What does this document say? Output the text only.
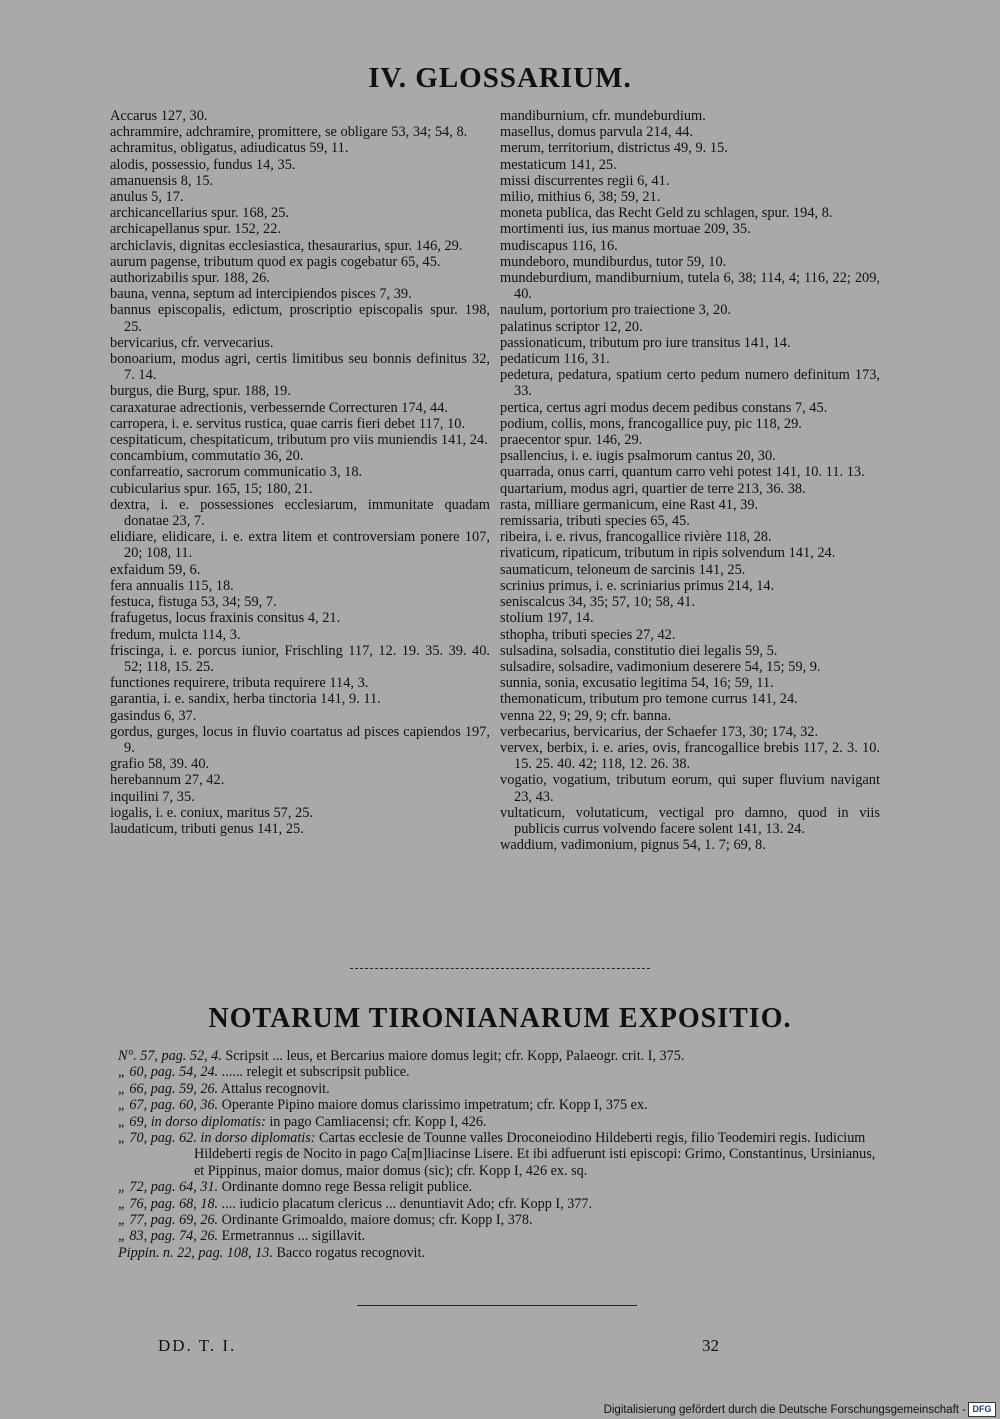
IV. GLOSSARIUM.

Accarus 127, 30.

achrammire, adchramire, promittere, se obligare 53, 34; 54, 8.

achramitus, obligatus, adiudicatus 59, 11.

alodis, possessio, fundus 14, 35.

amanuensis 8, 15.

anulus 5, 17.

archicancellarius spur. 168, 25.

archicapellanus spur. 152, 22.

archiclavis, dignitas ecclesiastica, thesaurarius, spur. 146, 29.

aurum pagense, tributum quod ex pagis cogebatur 65, 45.

authorizabilis spur. 188, 26.

bauna, venna, septum ad intercipiendos pisces 7, 39.

bannus episcopalis, edictum, proscriptio episcopalis spur. 198, 25.

bervicarius, cfr. vervecarius.

bonoarium, modus agri, certis limitibus seu bonnis definitus 32, 7. 14.

burgus, die Burg, spur. 188, 19.

caraxaturae adrectionis, verbessernde Correcturen 174, 44.

carropera, i. e. servitus rustica, quae carris fieri debet 117, 10.

cespitaticum, chespitaticum, tributum pro viis muniendis 141, 24.

concambium, commutatio 36, 20.

confarreatio, sacrorum communicatio 3, 18.

cubicularius spur. 165, 15; 180, 21.

dextra, i. e. possessiones ecclesiarum, immunitate quadam donatae 23, 7.

elidiare, elidicare, i. e. extra litem et controversiam ponere 107, 20; 108, 11.

exfaidum 59, 6.

fera annualis 115, 18.

festuca, fistuga 53, 34; 59, 7.

frafugetus, locus fraxinis consitus 4, 21.

fredum, mulcta 114, 3.

friscinga, i. e. porcus iunior, Frischling 117, 12. 19. 35. 39. 40. 52; 118, 15. 25.

functiones requirere, tributa requirere 114, 3.

garantia, i. e. sandix, herba tinctoria 141, 9. 11.

gasindus 6, 37.

gordus, gurges, locus in fluvio coartatus ad pisces capiendos 197, 9.

grafio 58, 39. 40.

herebannum 27, 42.

inquilini 7, 35.

iogalis, i. e. coniux, maritus 57, 25.

laudaticum, tributi genus 141, 25.

mandiburnium, cfr. mundeburdium.

masellus, domus parvula 214, 44.

merum, territorium, districtus 49, 9. 15.

mestaticum 141, 25.

missi discurrentes regii 6, 41.

milio, mithius 6, 38; 59, 21.

moneta publica, das Recht Geld zu schlagen, spur. 194, 8.

mortimenti ius, ius manus mortuae 209, 35.

mudiscapus 116, 16.

mundeboro, mundiburdus, tutor 59, 10.

mundeburdium, mandiburnium, tutela 6, 38; 114, 4; 116, 22; 209, 40.

naulum, portorium pro traiectione 3, 20.

palatinus scriptor 12, 20.

passionaticum, tributum pro iure transitus 141, 14.

pedaticum 116, 31.

pedetura, pedatura, spatium certo pedum numero definitum 173, 33.

pertica, certus agri modus decem pedibus constans 7, 45.

podium, collis, mons, francogallice puy, pic 118, 29.

praecentor spur. 146, 29.

psallencius, i. e. iugis psalmorum cantus 20, 30.

quarrada, onus carri, quantum carro vehi potest 141, 10. 11. 13.

quartarium, modus agri, quartier de terre 213, 36. 38.

rasta, milliare germanicum, eine Rast 41, 39.

remissaria, tributi species 65, 45.

ribeira, i. e. rivus, francogallice rivière 118, 28.

rivaticum, ripaticum, tributum in ripis solvendum 141, 24.

saumaticum, teloneum de sarcinis 141, 25.

scrinius primus, i. e. scriniarius primus 214, 14.

seniscalcus 34, 35; 57, 10; 58, 41.

stolium 197, 14.

sthopha, tributi species 27, 42.

sulsadina, solsadia, constitutio diei legalis 59, 5.

sulsadire, solsadire, vadimonium deserere 54, 15; 59, 9.

sunnia, sonia, excusatio legitima 54, 16; 59, 11.

themonaticum, tributum pro temone currus 141, 24.

venna 22, 9; 29, 9; cfr. banna.

verbecarius, bervicarius, der Schaefer 173, 30; 174, 32.

vervex, berbix, i. e. aries, ovis, francogallice brebis 117, 2. 3. 10. 15. 25. 40. 42; 118, 12. 26. 38.

vogatio, vogatium, tributum eorum, qui super fluvium navigant 23, 43.

vultaticum, volutaticum, vectigal pro damno, quod in viis publicis currus volvendo facere solent 141, 13. 24.

waddium, vadimonium, pignus 54, 1. 7; 69, 8.

NOTARUM TIRONIANARUM EXPOSITIO.

N°. 57, pag. 52, 4. Scripsit ... leus, et Bercarius maiore domus legit; cfr. Kopp, Palaeogr. crit. I, 375.

„ 60, pag. 54, 24. ...... relegit et subscripsit publice.

„ 66, pag. 59, 26. Attalus recognovit.

„ 67, pag. 60, 36. Operante Pipino maiore domus clarissimo impetratum; cfr. Kopp I, 375 ex.

„ 69, in dorso diplomatis: in pago Camliacensi; cfr. Kopp I, 426.

„ 70, pag. 62. in dorso diplomatis: Cartas ecclesie de Tounne valles Droconeiodino Hildeberti regis, filio Teodemiri regis. Iudicium Hildeberti regis de Nocito in pago Ca[m]liacinse Lisere. Et ibi adfuerunt isti episcopi: Grimo, Constantinus, Ursinianus, et Pippinus, maior domus, maior domus (sic); cfr. Kopp I, 426 ex. sq.

„ 72, pag. 64, 31. Ordinante domno rege Bessa religit publice.

„ 76, pag. 68, 18. .... iudicio placatum clericus ... denuntiavit Ado; cfr. Kopp I, 377.

„ 77, pag. 69, 26. Ordinante Grimoaldo, maiore domus; cfr. Kopp I, 378.

„ 83, pag. 74, 26. Ermetrannus ... sigillavit.

Pippin. n. 22, pag. 108, 13. Bacco rogatus recognovit.

DD. T. I.	32
Digitalisierung gefördert durch die Deutsche Forschungsgemeinschaft - DFG
